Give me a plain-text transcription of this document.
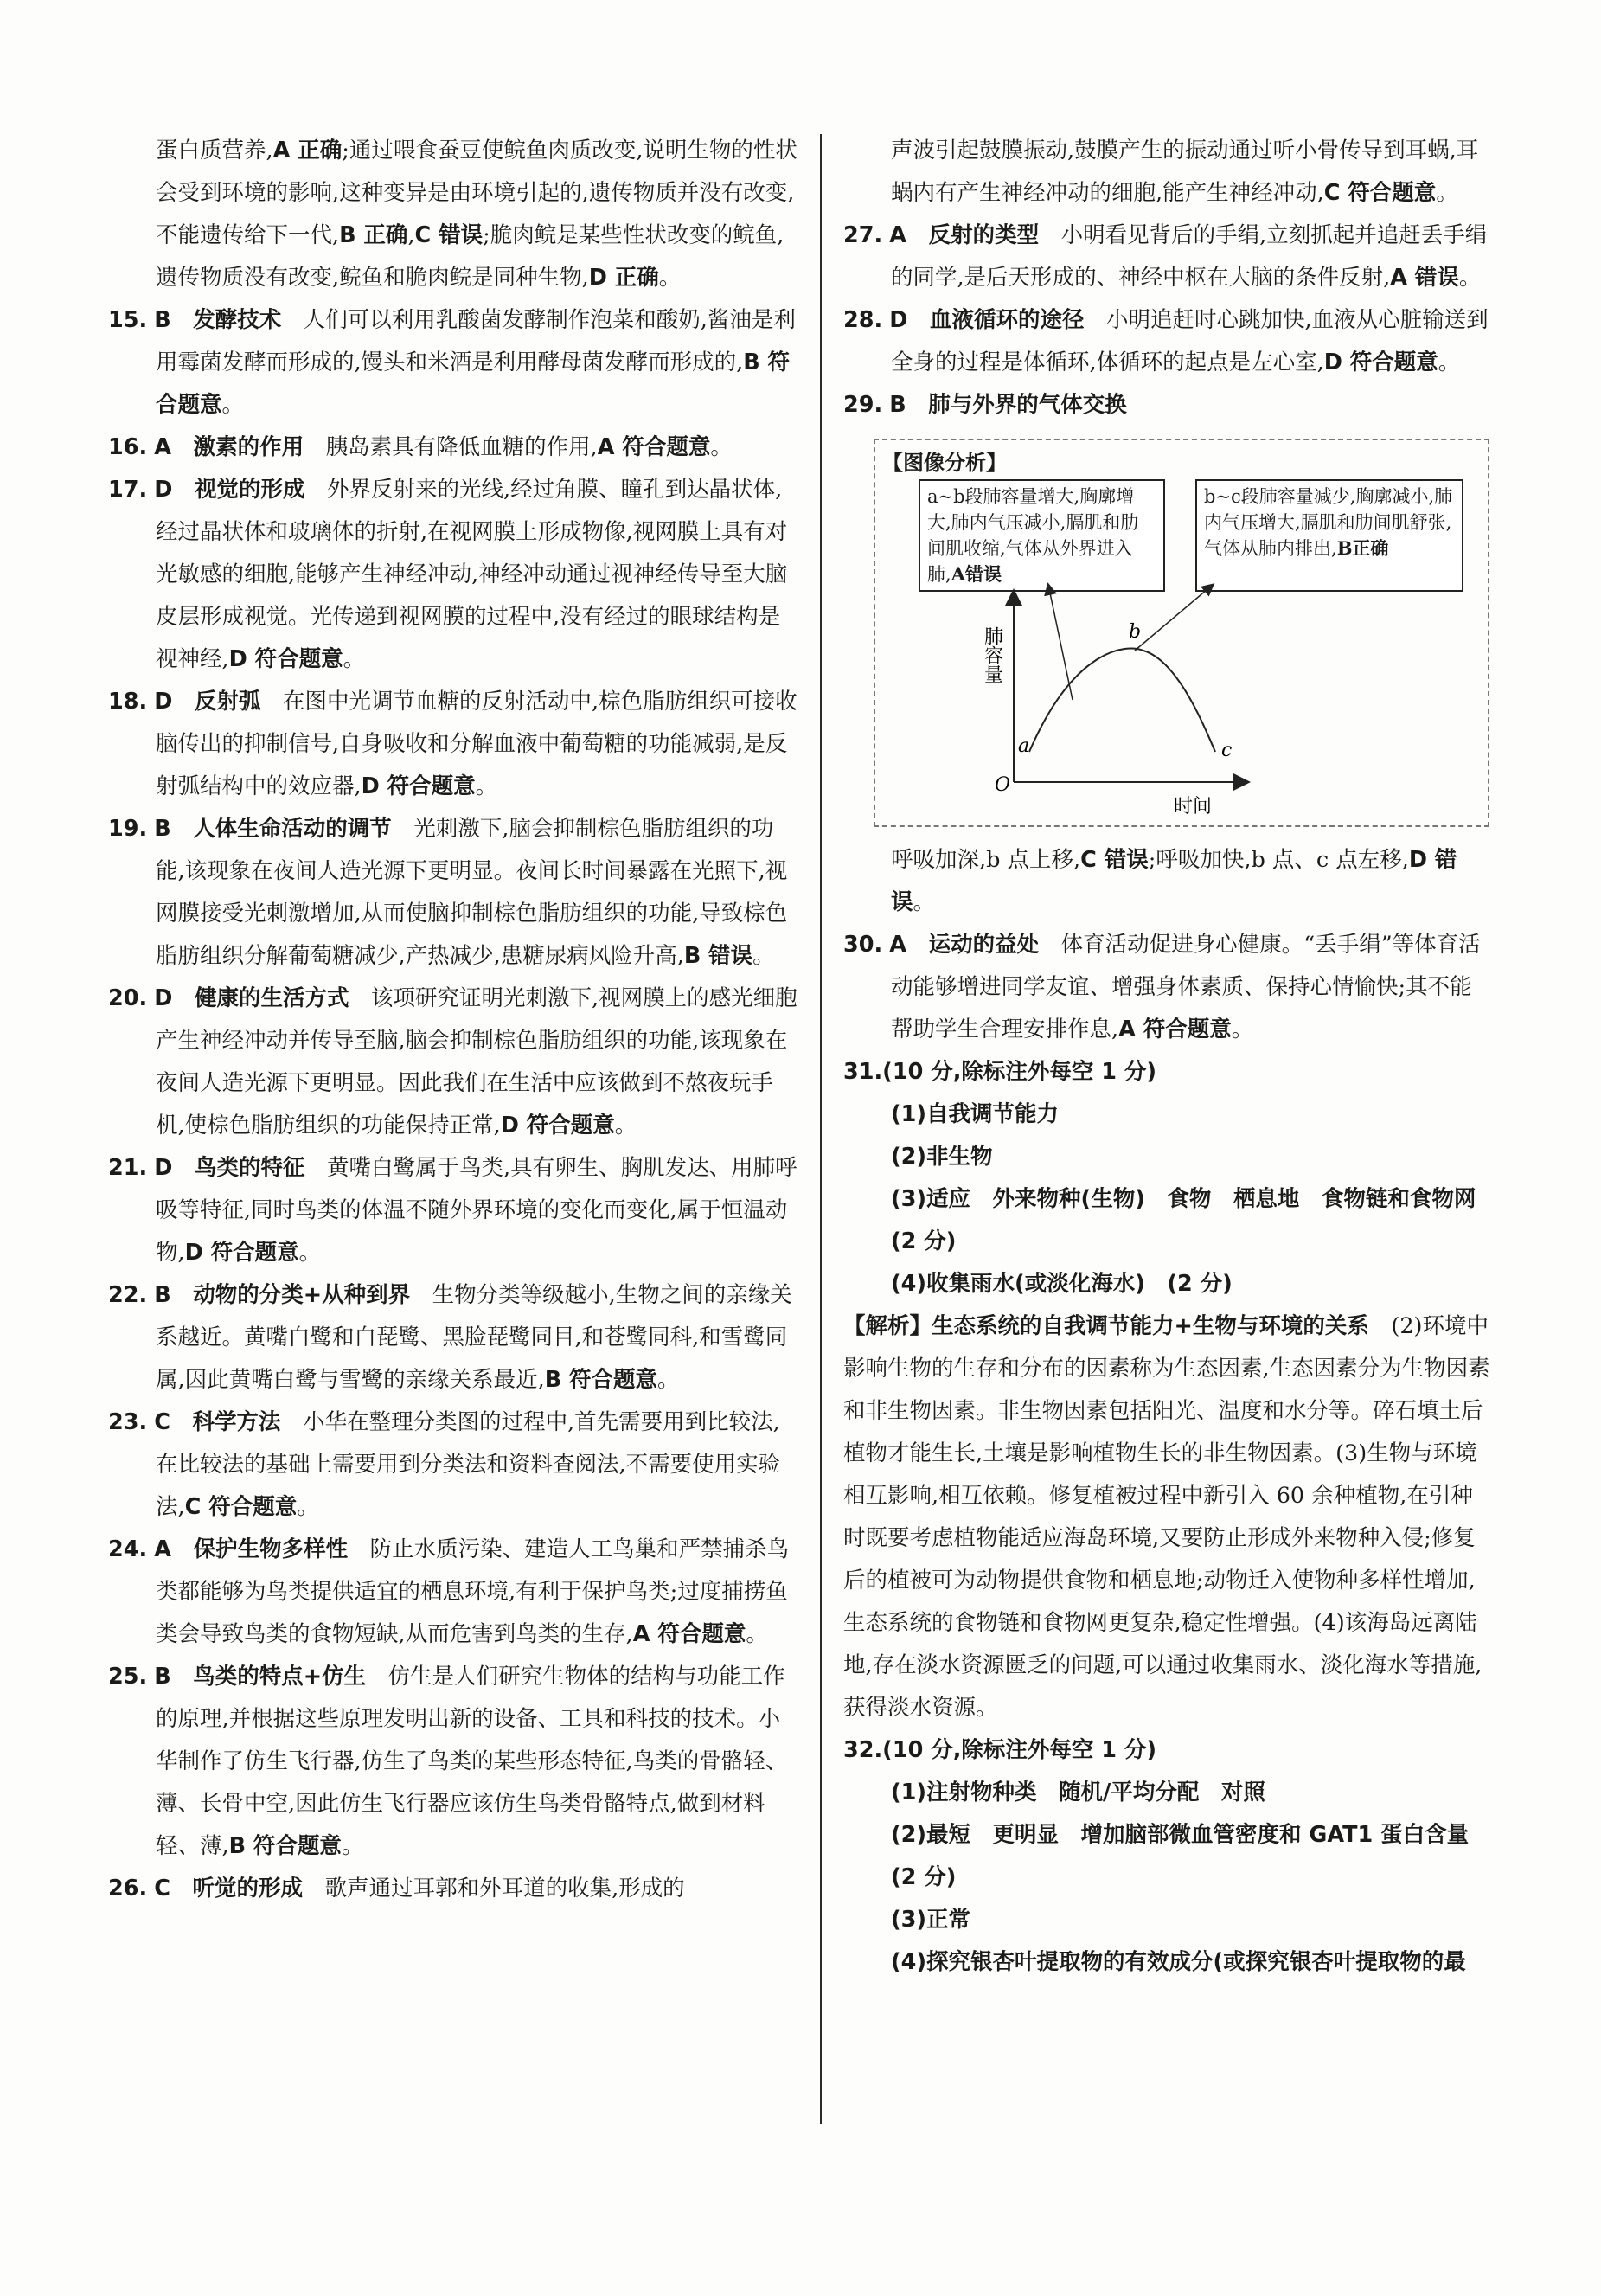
蛋白质营养,A 正确;通过喂食蚕豆使鲩鱼肉质改变,说明生物的性状会受到环境的影响,这种变异是由环境引起的,遗传物质并没有改变,不能遗传给下一代,B 正确,C 错误;脆肉鲩是某些性状改变的鲩鱼,遗传物质没有改变,鲩鱼和脆肉鲩是同种生物,D 正确。

15. B　 发酵技术　 人们可以利用乳酸菌发酵制作泡菜和酸奶,酱油是利用霉菌发酵而形成的,馒头和米酒是利用酵母菌发酵而形成的,B 符合题意。

16. A　 激素的作用　 胰岛素具有降低血糖的作用,A 符合题意。

17. D　 视觉的形成　 外界反射来的光线,经过角膜、瞳孔到达晶状体,经过晶状体和玻璃体的折射,在视网膜上形成物像,视网膜上具有对光敏感的细胞,能够产生神经冲动,神经冲动通过视神经传导至大脑皮层形成视觉。光传递到视网膜的过程中,没有经过的眼球结构是视神经,D 符合题意。

18. D　 反射弧　 在图中光调节血糖的反射活动中,棕色脂肪组织可接收脑传出的抑制信号,自身吸收和分解血液中葡萄糖的功能减弱,是反射弧结构中的效应器,D 符合题意。

19. B　 人体生命活动的调节　 光刺激下,脑会抑制棕色脂肪组织的功能,该现象在夜间人造光源下更明显。夜间长时间暴露在光照下,视网膜接受光刺激增加,从而使脑抑制棕色脂肪组织的功能,导致棕色脂肪组织分解葡萄糖减少,产热减少,患糖尿病风险升高,B 错误。

20. D　 健康的生活方式　 该项研究证明光刺激下,视网膜上的感光细胞产生神经冲动并传导至脑,脑会抑制棕色脂肪组织的功能,该现象在夜间人造光源下更明显。因此我们在生活中应该做到不熬夜玩手机,使棕色脂肪组织的功能保持正常,D 符合题意。

21. D　 鸟类的特征　 黄嘴白鹭属于鸟类,具有卵生、胸肌发达、用肺呼吸等特征,同时鸟类的体温不随外界环境的变化而变化,属于恒温动物,D 符合题意。

22. B　 动物的分类+从种到界　 生物分类等级越小,生物之间的亲缘关系越近。黄嘴白鹭和白琵鹭、黑脸琵鹭同目,和苍鹭同科,和雪鹭同属,因此黄嘴白鹭与雪鹭的亲缘关系最近,B 符合题意。

23. C　 科学方法　 小华在整理分类图的过程中,首先需要用到比较法,在比较法的基础上需要用到分类法和资料查阅法,不需要使用实验法,C 符合题意。

24. A　 保护生物多样性　 防止水质污染、建造人工鸟巢和严禁捕杀鸟类都能够为鸟类提供适宜的栖息环境,有利于保护鸟类;过度捕捞鱼类会导致鸟类的食物短缺,从而危害到鸟类的生存,A 符合题意。

25. B　 鸟类的特点+仿生　 仿生是人们研究生物体的结构与功能工作的原理,并根据这些原理发明出新的设备、工具和科技的技术。小华制作了仿生飞行器,仿生了鸟类的某些形态特征,鸟类的骨骼轻、薄、长骨中空,因此仿生飞行器应该仿生鸟类骨骼特点,做到材料轻、薄,B 符合题意。

26. C　 听觉的形成　 歌声通过耳郭和外耳道的收集,形成的

声波引起鼓膜振动,鼓膜产生的振动通过听小骨传导到耳蜗,耳蜗内有产生神经冲动的细胞,能产生神经冲动,C 符合题意。

27. A　 反射的类型　 小明看见背后的手绢,立刻抓起并追赶丢手绢的同学,是后天形成的、神经中枢在大脑的条件反射,A 错误。

28. D　 血液循环的途径　 小明追赶时心跳加快,血液从心脏输送到全身的过程是体循环,体循环的起点是左心室,D 符合题意。

29. B　 肺与外界的气体交换

【图像分析】
a~b段肺容量增大,胸廓增大,肺内气压减小,膈肌和肋间肌收缩,气体从外界进入肺,A错误
b~c段肺容量减少,胸廓减小,肺内气压增大,膈肌和肋间肌舒张,气体从肺内排出,B正确
肺容量
时间
O
a
b
c

呼吸加深,b 点上移,C 错误;呼吸加快,b 点、c 点左移,D 错误。

30. A　 运动的益处　 体育活动促进身心健康。“丢手绢”等体育活动能够增进同学友谊、增强身体素质、保持心情愉快;其不能帮助学生合理安排作息,A 符合题意。

31.(10 分,除标注外每空 1 分)

(1)自我调节能力

(2)非生物

(3)适应　外来物种(生物)　食物　栖息地　食物链和食物网　(2 分)

(4)收集雨水(或淡化海水)　(2 分)

【解析】生态系统的自我调节能力+生物与环境的关系　(2)环境中影响生物的生存和分布的因素称为生态因素,生态因素分为生物因素和非生物因素。非生物因素包括阳光、温度和水分等。碎石填土后植物才能生长,土壤是影响植物生长的非生物因素。(3)生物与环境相互影响,相互依赖。修复植被过程中新引入 60 余种植物,在引种时既要考虑植物能适应海岛环境,又要防止形成外来物种入侵;修复后的植被可为动物提供食物和栖息地;动物迁入使物种多样性增加,生态系统的食物链和食物网更复杂,稳定性增强。(4)该海岛远离陆地,存在淡水资源匮乏的问题,可以通过收集雨水、淡化海水等措施,获得淡水资源。

32.(10 分,除标注外每空 1 分)

(1)注射物种类　随机/平均分配　对照

(2)最短　更明显　增加脑部微血管密度和 GAT1 蛋白含量

(2 分)

(3)正常

(4)探究银杏叶提取物的有效成分(或探究银杏叶提取物的最
